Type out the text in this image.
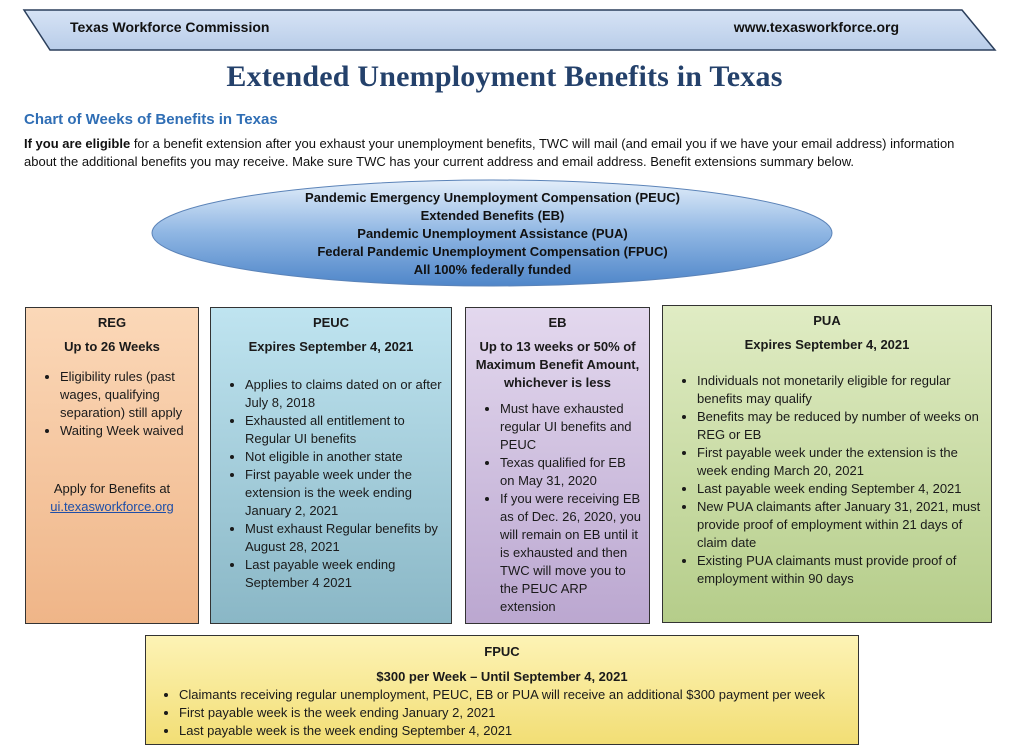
Texas Workforce Commission	www.texasworkforce.org
Extended Unemployment Benefits in Texas
Chart of Weeks of Benefits in Texas
If you are eligible for a benefit extension after you exhaust your unemployment benefits, TWC will mail (and email you if we have your email address) information about the additional benefits you may receive. Make sure TWC has your current address and email address. Benefit extensions summary below.
Pandemic Emergency Unemployment Compensation (PEUC)
Extended Benefits (EB)
Pandemic Unemployment Assistance (PUA)
Federal Pandemic Unemployment Compensation (FPUC)
All 100% federally funded
REG
Up to 26 Weeks
• Eligibility rules (past wages, qualifying separation) still apply
• Waiting Week waived
Apply for Benefits at
ui.texasworkforce.org
PEUC
Expires September 4, 2021
• Applies to claims dated on or after July 8, 2018
• Exhausted all entitlement to Regular UI benefits
• Not eligible in another state
• First payable week under the extension is the week ending January 2, 2021
• Must exhaust Regular benefits by August 28, 2021
• Last payable week ending September 4 2021
EB
Up to 13 weeks or 50% of Maximum Benefit Amount, whichever is less
• Must have exhausted regular UI benefits and PEUC
• Texas qualified for EB on May 31, 2020
• If you were receiving EB as of Dec. 26, 2020, you will remain on EB until it is exhausted and then TWC will move you to the PEUC ARP extension
PUA
Expires September 4, 2021
• Individuals not monetarily eligible for regular benefits may qualify
• Benefits may be reduced by number of weeks on REG or EB
• First payable week under the extension is the week ending March 20, 2021
• Last payable week ending September 4, 2021
• New PUA claimants after January 31, 2021, must provide proof of employment within 21 days of claim date
• Existing PUA claimants must provide proof of employment within 90 days
FPUC
$300 per Week – Until September 4, 2021
• Claimants receiving regular unemployment, PEUC, EB or PUA will receive an additional $300 payment per week
• First payable week is the week ending January 2, 2021
• Last payable week is the week ending September 4, 2021
